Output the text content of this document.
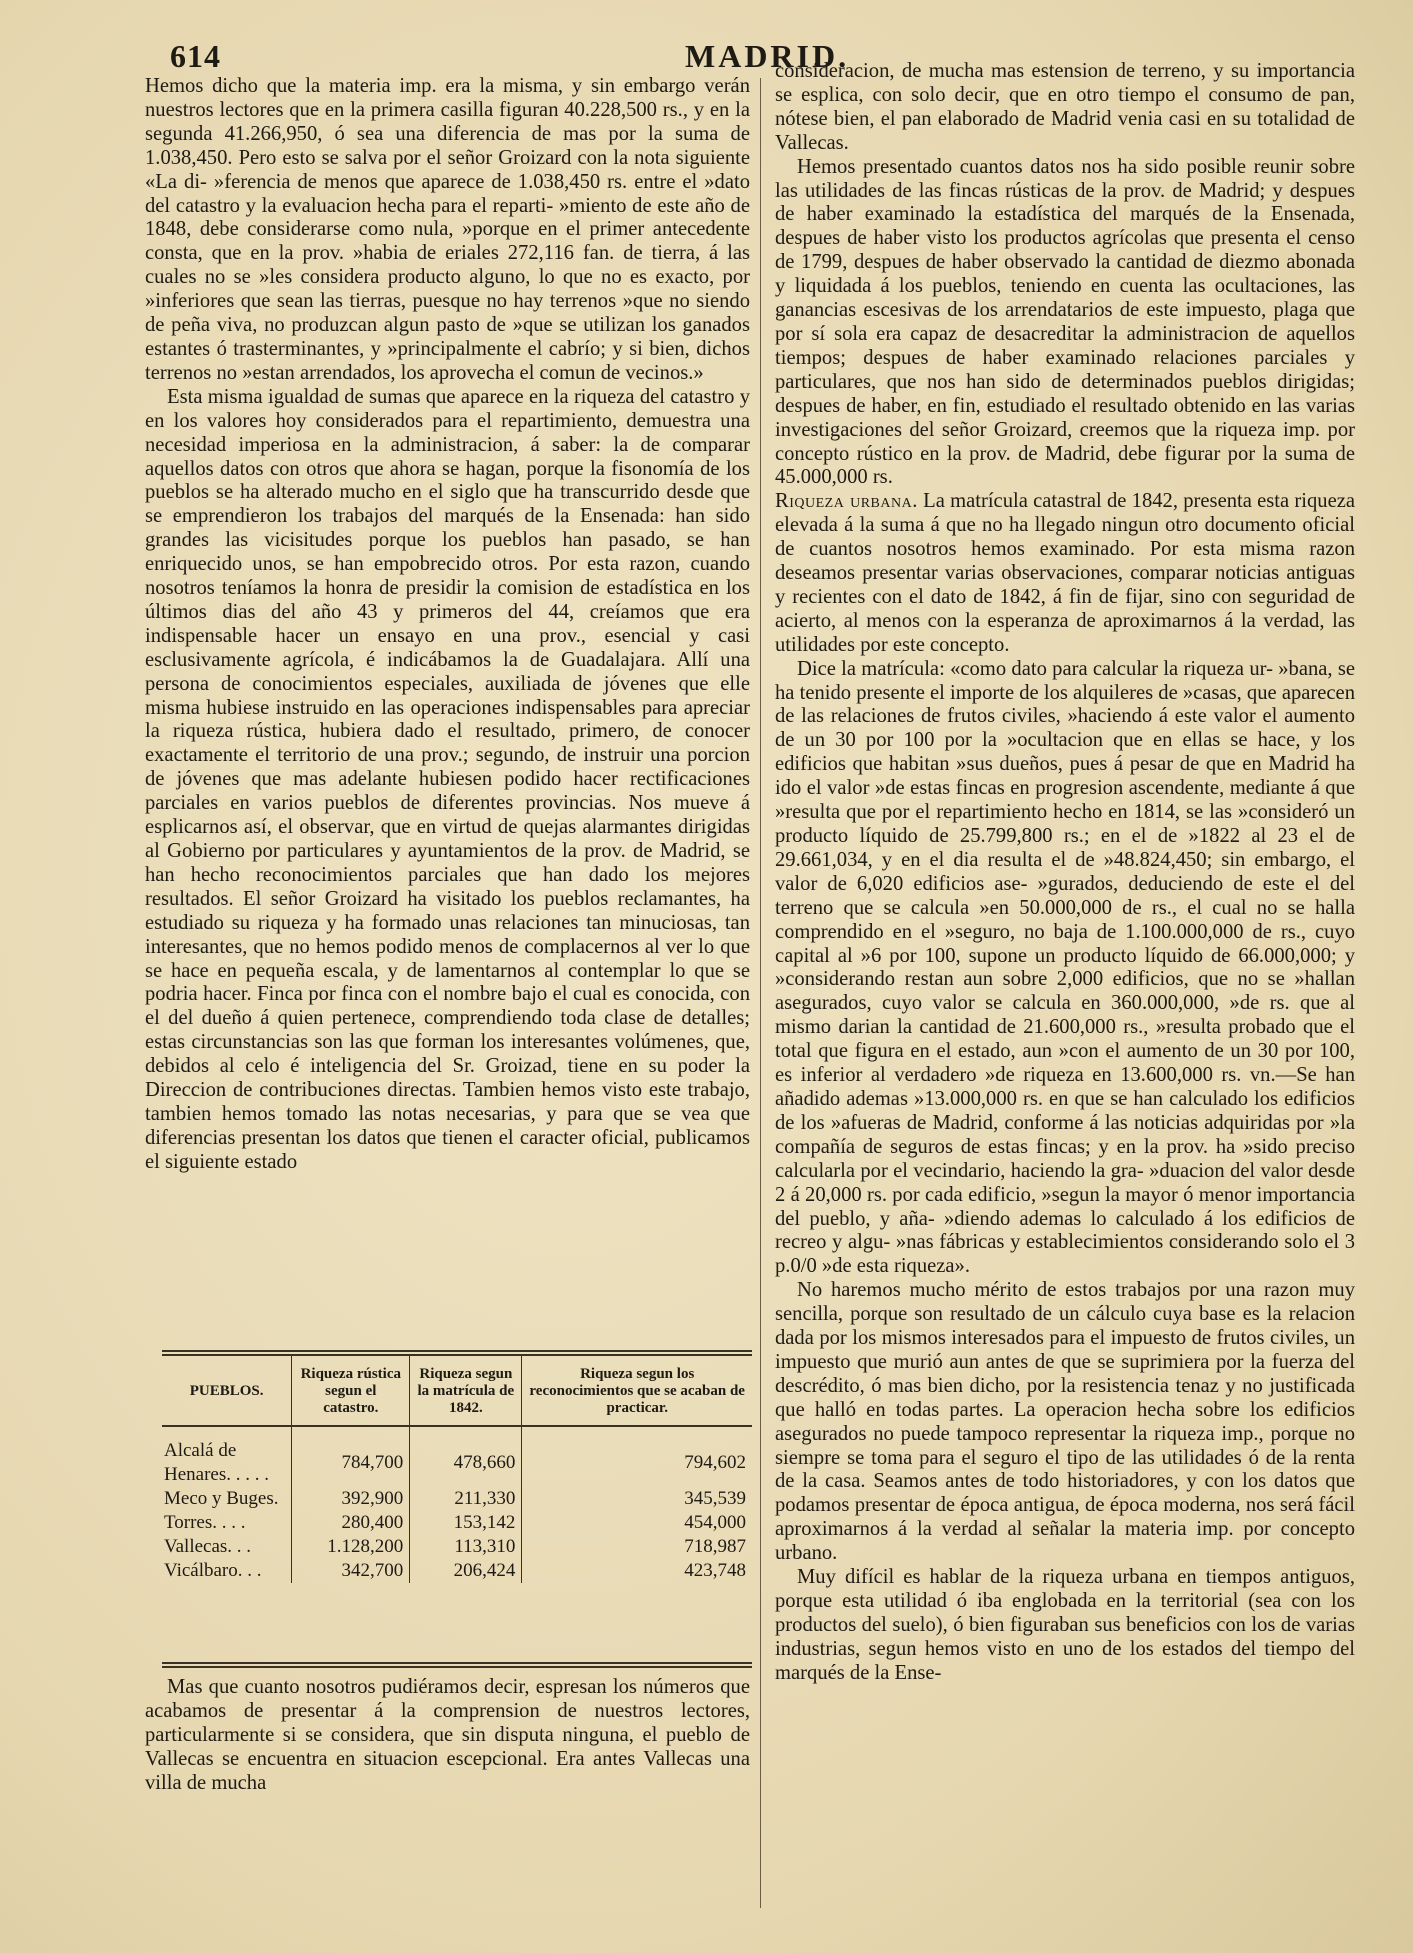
614	MADRID.

Hemos dicho que la materia imp. era la misma, y sin embargo verán nuestros lectores que en la primera casilla figuran 40.228,500 rs., y en la segunda 41.266,950, ó sea una diferencia de mas por la suma de 1.038,450. Pero esto se salva por el señor Groizard con la nota siguiente «La di- »ferencia de menos que aparece de 1.038,450 rs. entre el »dato del catastro y la evaluacion hecha para el reparti- »miento de este año de 1848, debe considerarse como nula, »porque en el primer antecedente consta, que en la prov. »habia de eriales 272,116 fan. de tierra, á las cuales no se »les considera producto alguno, lo que no es exacto, por »inferiores que sean las tierras, puesque no hay terrenos »que no siendo de peña viva, no produzcan algun pasto de »que se utilizan los ganados estantes ó trasterminantes, y »principalmente el cabrío; y si bien, dichos terrenos no »estan arrendados, los aprovecha el comun de vecinos.»

Esta misma igualdad de sumas que aparece en la riqueza del catastro y en los valores hoy considerados para el repartimiento, demuestra una necesidad imperiosa en la administracion, á saber: la de comparar aquellos datos con otros que ahora se hagan, porque la fisonomía de los pueblos se ha alterado mucho en el siglo que ha transcurrido desde que se emprendieron los trabajos del marqués de la Ensenada: han sido grandes las vicisitudes porque los pueblos han pasado, se han enriquecido unos, se han empobrecido otros. Por esta razon, cuando nosotros teníamos la honra de presidir la comision de estadística en los últimos dias del año 43 y primeros del 44, creíamos que era indispensable hacer un ensayo en una prov., esencial y casi esclusivamente agrícola, é indicábamos la de Guadalajara. Allí una persona de conocimientos especiales, auxiliada de jóvenes que elle misma hubiese instruido en las operaciones indispensables para apreciar la riqueza rústica, hubiera dado el resultado, primero, de conocer exactamente el territorio de una prov.; segundo, de instruir una porcion de jóvenes que mas adelante hubiesen podido hacer rectificaciones parciales en varios pueblos de diferentes provincias. Nos mueve á esplicarnos así, el observar, que en virtud de quejas alarmantes dirigidas al Gobierno por particulares y ayuntamientos de la prov. de Madrid, se han hecho reconocimientos parciales que han dado los mejores resultados. El señor Groizard ha visitado los pueblos reclamantes, ha estudiado su riqueza y ha formado unas relaciones tan minuciosas, tan interesantes, que no hemos podido menos de complacernos al ver lo que se hace en pequeña escala, y de lamentarnos al contemplar lo que se podria hacer. Finca por finca con el nombre bajo el cual es conocida, con el del dueño á quien pertenece, comprendiendo toda clase de detalles; estas circunstancias son las que forman los interesantes volúmenes, que, debidos al celo é inteligencia del Sr. Groizad, tiene en su poder la Direccion de contribuciones directas. Tambien hemos visto este trabajo, tambien hemos tomado las notas necesarias, y para que se vea que diferencias presentan los datos que tienen el caracter oficial, publicamos el siguiente estado

PUEBLOS.	Riqueza rústica segun el catastro.	Riqueza segun la matrícula de 1842.	Riqueza segun los reconocimientos que se acaban de practicar.
Alcalá de Henares. . . . .	784,700	478,660	794,602
Meco y Buges.	392,900	211,330	345,539
Torres. . . .	280,400	153,142	454,000
Vallecas. . .	1.128,200	113,310	718,987
Vicálbaro. . .	342,700	206,424	423,748

Mas que cuanto nosotros pudiéramos decir, espresan los números que acabamos de presentar á la comprension de nuestros lectores, particularmente si se considera, que sin disputa ninguna, el pueblo de Vallecas se encuentra en situacion escepcional. Era antes Vallecas una villa de mucha

consideracion, de mucha mas estension de terreno, y su importancia se esplica, con solo decir, que en otro tiempo el consumo de pan, nótese bien, el pan elaborado de Madrid venia casi en su totalidad de Vallecas.

Hemos presentado cuantos datos nos ha sido posible reunir sobre las utilidades de las fincas rústicas de la prov. de Madrid; y despues de haber examinado la estadística del marqués de la Ensenada, despues de haber visto los productos agrícolas que presenta el censo de 1799, despues de haber observado la cantidad de diezmo abonada y liquidada á los pueblos, teniendo en cuenta las ocultaciones, las ganancias escesivas de los arrendatarios de este impuesto, plaga que por sí sola era capaz de desacreditar la administracion de aquellos tiempos; despues de haber examinado relaciones parciales y particulares, que nos han sido de determinados pueblos dirigidas; despues de haber, en fin, estudiado el resultado obtenido en las varias investigaciones del señor Groizard, creemos que la riqueza imp. por concepto rústico en la prov. de Madrid, debe figurar por la suma de 45.000,000 rs.

Riqueza urbana. La matrícula catastral de 1842, presenta esta riqueza elevada á la suma á que no ha llegado ningun otro documento oficial de cuantos nosotros hemos examinado. Por esta misma razon deseamos presentar varias observaciones, comparar noticias antiguas y recientes con el dato de 1842, á fin de fijar, sino con seguridad de acierto, al menos con la esperanza de aproximarnos á la verdad, las utilidades por este concepto.

Dice la matrícula: «como dato para calcular la riqueza ur- »bana, se ha tenido presente el importe de los alquileres de »casas, que aparecen de las relaciones de frutos civiles, »haciendo á este valor el aumento de un 30 por 100 por la »ocultacion que en ellas se hace, y los edificios que habitan »sus dueños, pues á pesar de que en Madrid ha ido el valor »de estas fincas en progresion ascendente, mediante á que »resulta que por el repartimiento hecho en 1814, se las »consideró un producto líquido de 25.799,800 rs.; en el de »1822 al 23 el de 29.661,034, y en el dia resulta el de »48.824,450; sin embargo, el valor de 6,020 edificios ase- »gurados, deduciendo de este el del terreno que se calcula »en 50.000,000 de rs., el cual no se halla comprendido en el »seguro, no baja de 1.100.000,000 de rs., cuyo capital al »6 por 100, supone un producto líquido de 66.000,000; y »considerando restan aun sobre 2,000 edificios, que no se »hallan asegurados, cuyo valor se calcula en 360.000,000, »de rs. que al mismo darian la cantidad de 21.600,000 rs., »resulta probado que el total que figura en el estado, aun »con el aumento de un 30 por 100, es inferior al verdadero »de riqueza en 13.600,000 rs. vn.—Se han añadido ademas »13.000,000 rs. en que se han calculado los edificios de los »afueras de Madrid, conforme á las noticias adquiridas por »la compañía de seguros de estas fincas; y en la prov. ha »sido preciso calcularla por el vecindario, haciendo la gra- »duacion del valor desde 2 á 20,000 rs. por cada edificio, »segun la mayor ó menor importancia del pueblo, y aña- »diendo ademas lo calculado á los edificios de recreo y algu- »nas fábricas y establecimientos considerando solo el 3 p.0/0 »de esta riqueza».

No haremos mucho mérito de estos trabajos por una razon muy sencilla, porque son resultado de un cálculo cuya base es la relacion dada por los mismos interesados para el impuesto de frutos civiles, un impuesto que murió aun antes de que se suprimiera por la fuerza del descrédito, ó mas bien dicho, por la resistencia tenaz y no justificada que halló en todas partes. La operacion hecha sobre los edificios asegurados no puede tampoco representar la riqueza imp., porque no siempre se toma para el seguro el tipo de las utilidades ó de la renta de la casa. Seamos antes de todo historiadores, y con los datos que podamos presentar de época antigua, de época moderna, nos será fácil aproximarnos á la verdad al señalar la materia imp. por concepto urbano.

Muy difícil es hablar de la riqueza urbana en tiempos antiguos, porque esta utilidad ó iba englobada en la territorial (sea con los productos del suelo), ó bien figuraban sus beneficios con los de varias industrias, segun hemos visto en uno de los estados del tiempo del marqués de la Ense-
